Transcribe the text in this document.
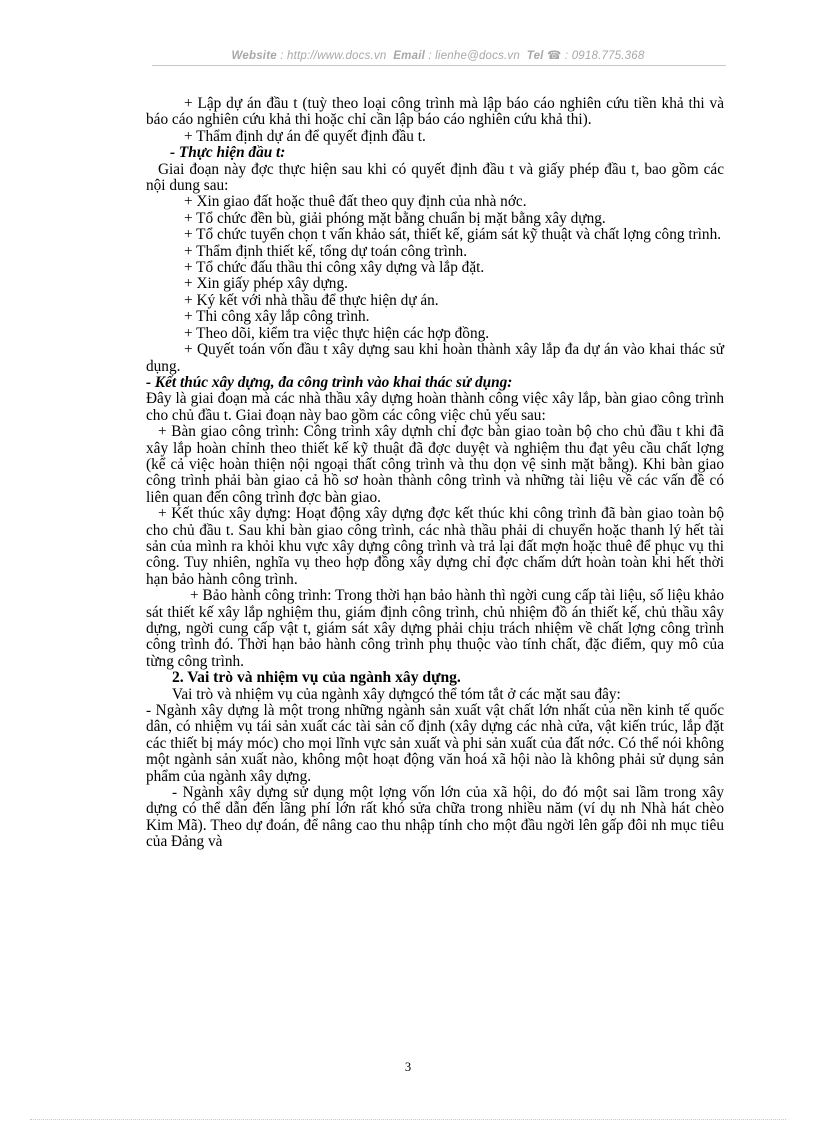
Website : http://www.docs.vn Email : lienhe@docs.vn Tel ☎ : 0918.775.368

+ Lập dự án đầu t (tuỳ theo loại công trình mà lập báo cáo nghiên cứu tiền khả thi và báo cáo nghiên cứu khả thi hoặc chỉ cần lập báo cáo nghiên cứu khả thi).

+ Thẩm định dự án để quyết định đầu t.

- Thực hiện đầu t:

Giai đoạn này đợc thực hiện sau khi có quyết định đầu t và giấy phép đầu t, bao gồm các nội dung sau:

+ Xin giao đất hoặc thuê đất theo quy định của nhà nớc.

+ Tổ chức đền bù, giải phóng mặt bằng chuẩn bị mặt bằng xây dựng.

+ Tổ chức tuyển chọn t vấn khảo sát, thiết kế, giám sát kỹ thuật và chất lợng công trình.

+ Thẩm định thiết kế, tổng dự toán công trình.

+ Tổ chức đấu thầu thi công xây dựng và lắp đặt.

+ Xin giấy phép xây dựng.

+ Ký kết với nhà thầu để thực hiện dự án.

+ Thi công xây lắp công trình.

+ Theo dõi, kiểm tra việc thực hiện các hợp đồng.

+ Quyết toán vốn đầu t xây dựng sau khi hoàn thành xây lắp đa dự án vào khai thác sử dụng.

- Kết thúc xây dựng, đa công trình vào khai thác sử dụng:

Đây là giai đoạn mà các nhà thầu xây dựng hoàn thành công việc xây lắp, bàn giao công trình cho chủ đầu t. Giai đoạn này bao gồm các công việc chủ yếu sau:

+ Bàn giao công trình: Công trình xây dựnh chỉ đợc bàn giao toàn bộ cho chủ đầu t khi đã xây lắp hoàn chỉnh theo thiết kế kỹ thuật đã đợc duyệt và nghiệm thu đạt yêu cầu chất lợng (kể cả việc hoàn thiện nội ngoại thất công trình và thu dọn vệ sinh mặt bằng). Khi bàn giao công trình phải bàn giao cả hồ sơ hoàn thành công trình và những tài liệu về các vấn đề có liên quan đến công trình đợc bàn giao.

+ Kết thúc xây dựng: Hoạt động xây dựng đợc kết thúc khi công trình đã bàn giao toàn bộ cho chủ đầu t. Sau khi bàn giao công trình, các nhà thầu phải di chuyển hoặc thanh lý hết tài sản của mình ra khỏi khu vực xây dựng công trình và trả lại đất mợn hoặc thuê để phục vụ thi công. Tuy nhiên, nghĩa vụ theo hợp đồng xây dựng chỉ đợc chấm dứt hoàn toàn khi hết thời hạn bảo hành công trình.

+ Bảo hành công trình: Trong thời hạn bảo hành thì ngời cung cấp tài liệu, số liệu khảo sát thiết kế xây lắp nghiệm thu, giám định công trình, chủ nhiệm đồ án thiết kế, chủ thầu xây dựng, ngời cung cấp vật t, giám sát xây dựng phải chịu trách nhiệm về chất lợng công trình công trình đó. Thời hạn bảo hành công trình phụ thuộc vào tính chất, đặc điểm, quy mô của từng công trình.

2. Vai trò và nhiệm vụ của ngành xây dựng.

Vai trò và nhiệm vụ của ngành xây dựngcó thể tóm tắt ở các mặt sau đây:

- Ngành xây dựng là một trong những ngành sản xuất vật chất lớn nhất của nền kinh tế quốc dân, có nhiệm vụ tái sản xuất các tài sản cố định (xây dựng các nhà cửa, vật kiến trúc, lắp đặt các thiết bị máy móc) cho mọi lĩnh vực sản xuất và phi sản xuất của đất nớc. Có thể nói không một ngành sản xuất nào, không một hoạt động văn hoá xã hội nào là không phải sử dụng sản phẩm của ngành xây dựng.

- Ngành xây dựng sử dụng một lợng vốn lớn của xã hội, do đó một sai lầm trong xây dựng có thể dẫn đến lãng phí lớn rất khó sửa chữa trong nhiều năm (ví dụ nh Nhà hát chèo Kim Mã). Theo dự đoán, để nâng cao thu nhập tính cho một đầu ngời lên gấp đôi nh mục tiêu của Đảng và

3
